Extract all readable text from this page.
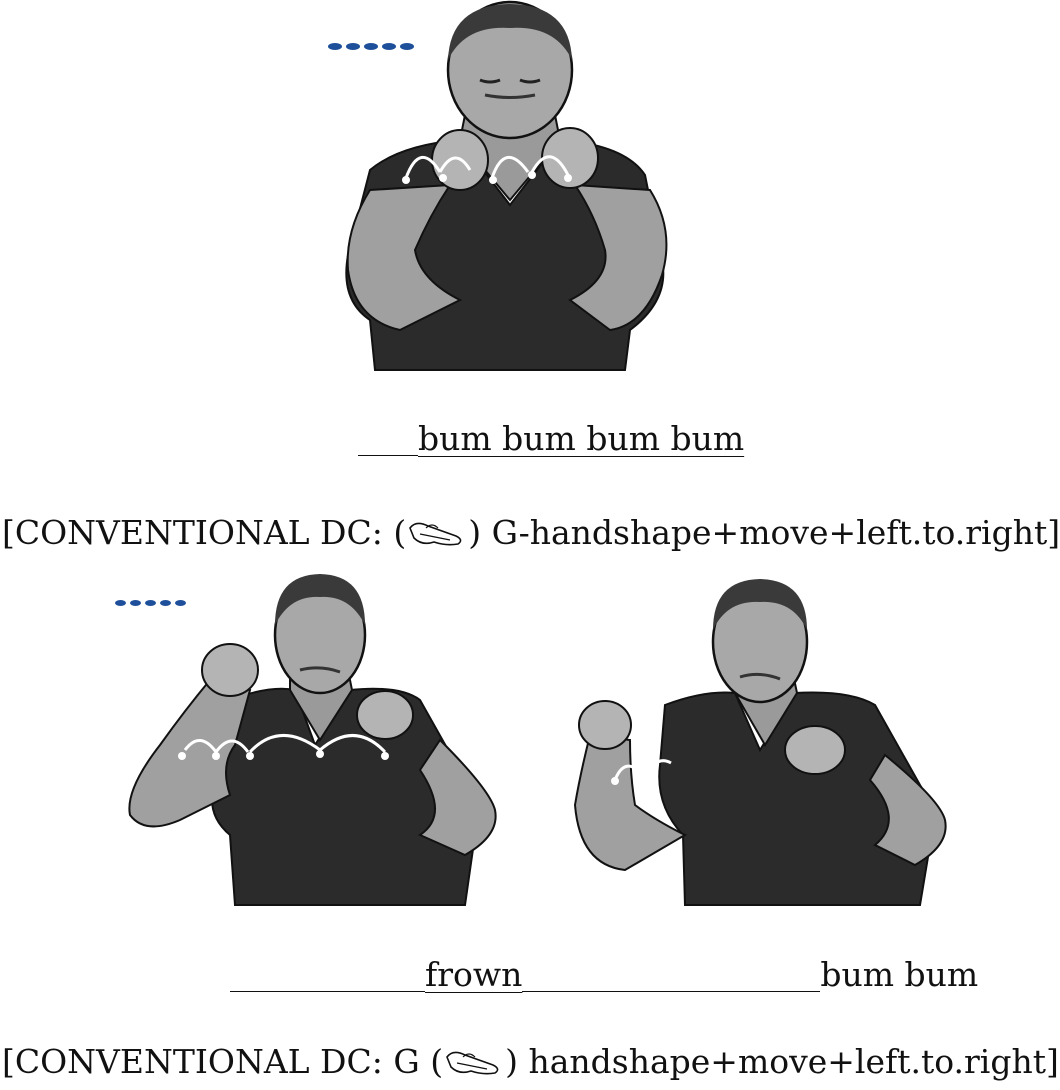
bum bum bum bum
[CONVENTIONAL DC: ( ) G-handshape+move+left.to.right]
frown	bum bum
[CONVENTIONAL DC: G ( ) handshape+move+left.to.right]
